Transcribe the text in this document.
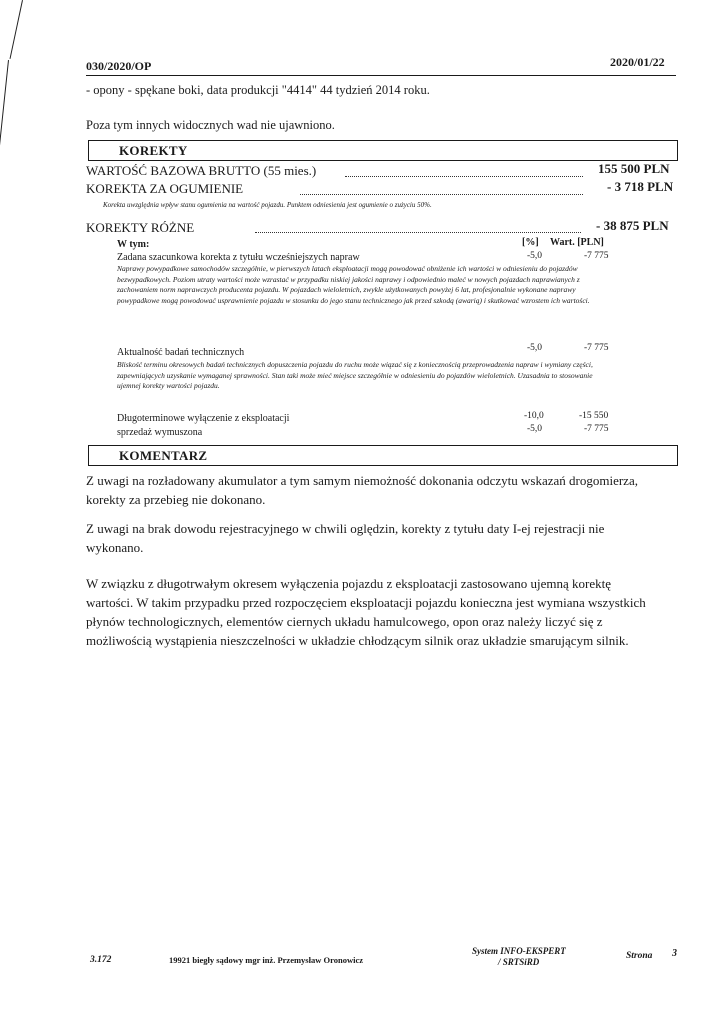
030/2020/OP	2020/01/22
- opony - spękane boki, data produkcji "4414" 44 tydzień 2014 roku.
Poza tym innych widocznych wad nie ujawniono.
KOREKTY
WARTOŚĆ BAZOWA BRUTTO (55 mies.)	155 500 PLN
KOREKTA ZA OGUMIENIE	- 3 718 PLN
Korekta uwzględnia wpływ stanu ogumienia na wartość pojazdu. Punktem odniesienia jest ogumienie o zużyciu 50%.
KOREKTY RÓŻNE	- 38 875 PLN
W tym:	[%] Wart. [PLN]
Zadana szacunkowa korekta z tytułu wcześniejszych napraw	-5,0	-7 775
Naprawy powypadkowe samochodów szczególnie, w pierwszych latach eksploatacji mogą powodować obniżenie ich wartości w odniesieniu do pojazdów bezwypadkowych. Poziom utraty wartości może wzrastać w przypadku niskiej jakości naprawy i odpowiednio maleć w nowych pojazdach naprawianych z zachowaniem norm naprawczych producenta pojazdu. W pojazdach wieloletnich, zwykle użytkowanych powyżej 6 lat, profesjonalnie wykonane naprawy powypadkowe mogą powodować usprawnienie pojazdu w stosunku do jego stanu technicznego jak przed szkodą (awarią) i skutkować wzrostem ich wartości.
Aktualność badań technicznych	-5,0	-7 775
Bliskość terminu okresowych badań technicznych dopuszczenia pojazdu do ruchu może wiązać się z koniecznością przeprowadzenia napraw i wymiany części, zapewniających uzyskanie wymaganej sprawności. Stan taki może mieć miejsce szczególnie w odniesieniu do pojazdów wieloletnich. Uzasadnia to stosowanie ujemnej korekty wartości pojazdu.
Długoterminowe wyłączenie z eksploatacji	-10,0	-15 550
sprzedaż wymuszona	-5,0	-7 775
KOMENTARZ
Z uwagi na rozładowany akumulator a tym samym niemożność dokonania odczytu wskazań drogomierza, korekty za przebieg nie dokonano.
Z uwagi na brak dowodu rejestracyjnego w chwili oględzin, korekty z tytułu daty I-ej rejestracji nie wykonano.
W związku z długotrwałym okresem wyłączenia pojazdu z eksploatacji zastosowano ujemną korektę wartości. W takim przypadku przed rozpoczęciem eksploatacji pojazdu konieczna jest wymiana wszystkich płynów technologicznych, elementów ciernych układu hamulcowego, opon oraz należy liczyć się z możliwością wystąpienia nieszczelności w układzie chłodzącym silnik oraz układzie smarującym silnik.
3.172	19921 biegły sądowy mgr inż. Przemysław Oronowicz
System INFO-EKSPERT
/ SRTSiRD
Strona 3
